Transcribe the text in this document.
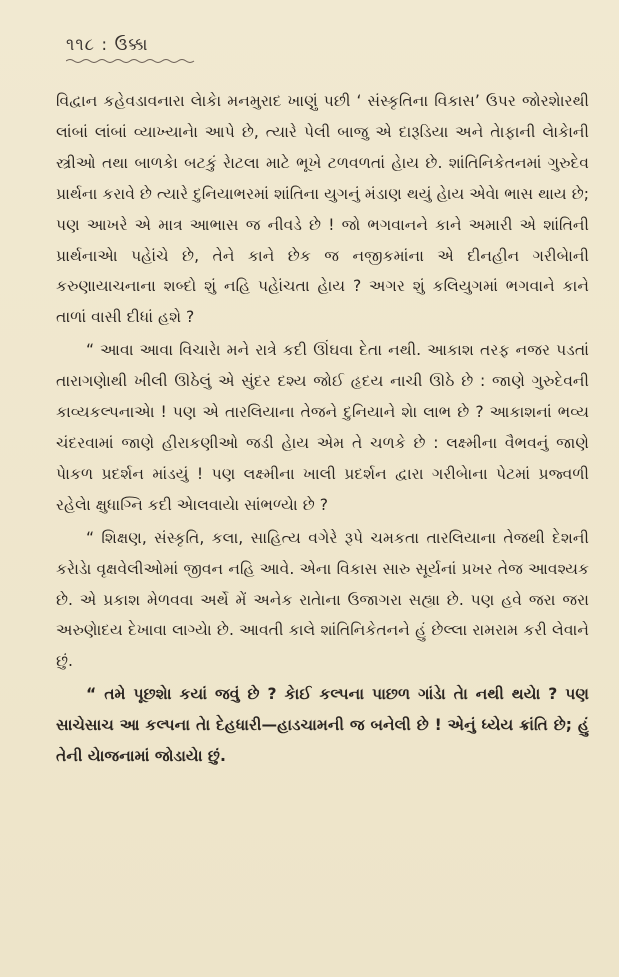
૧૧૮ : ઉક્કા

વિદ્વાન કહેવડાવનારા લેાકેા મનમુરાદ ખાણું પછી ‘ સંસ્કૃતિના વિકાસ’ ઉપર જોરશેારથી લાંબાં લાંબાં વ્યાખ્યાનેા આપે છે, ત્યારે પેલી બાજુ એ દારૂડિયા અને તેાફાની લેાકેાની સ્ત્રીઓ તથા બાળકેા બટકું રેાટલા માટે ભૂખે ટળવળતાં હેાય છે. શાંતિનિકેતનમાં ગુરુદેવ પ્રાર્થના કરાવે છે ત્યારે દુનિયાભરમાં શાંતિના યુગનું મંડાણ થયું હેાય એવેા ભાસ થાય છે; પણ આખરે એ માત્ર આભાસ જ નીવડે છે ! જો ભગવાનને કાને અમારી એ શાંતિની પ્રાર્થનાએા પહેાંચે છે, તેને કાને છેક જ નજીકમાંના એ દીનહીન ગરીબેાની કરુણાયાચનાના શબ્દો શું નહિ પહેાંચતા હેાય ? અગર શું કલિયુગમાં ભગવાને કાને તાળાં વાસી દીધાં હશે ?

“ આવા આવા વિચારેા મને રાત્રે કદી ઊંઘવા દેતા નથી. આકાશ તરફ નજર પડતાં તારાગણેાથી ખીલી ઊઠેલું એ સુંદર દશ્ય જોઈ હૃદય નાચી ઊઠે છે : જાણે ગુરુદેવની કાવ્યકલ્પનાએા ! પણ એ તારલિયાના તેજને દુનિયાને શેા લાભ છે ? આકાશનાં ભવ્ય ચંદરવામાં જાણે હીરાકણીઓ જડી હેાય એમ તે ચળકે છે : લક્ષ્મીના વૈભવનું જાણે પેાકળ પ્રદર્શન માંડયું ! પણ લક્ષ્મીના ખાલી પ્રદર્શન દ્વારા ગરીબેાના પેટમાં પ્રજ્વળી રહેલેા ક્ષુધાગ્નિ કદી એાલવાયેા સાંભળ્યેા છે ?

“ શિક્ષણ, સંસ્કૃતિ, કલા, સાહિત્ય વગેરે રૂપે ચમકતા તારલિયાના તેજથી દેશની કરેાડેા વૃક્ષવેલીઓમાં જીવન નહિ આવે. એના વિકાસ સારુ સૂર્યનાં પ્રખર તેજ આવશ્યક છે. એ પ્રકાશ મેળવવા અર્થે મેં અનેક રાતેાના ઉજાગરા સહ્યા છે. પણ હવે જરા જરા અરુણેાદય દેખાવા લાગ્યેા છે. આવતી કાલે શાંતિનિકેતનને હું છેલ્લા રામરામ કરી લેવાને છું.

“ તમે પૂછશેા કયાં જવું છે ? કેાઈ કલ્પના પાછળ ગાંડેા તેા નથી થયેા ? પણ સાચેસાચ આ કલ્પના તેા દેહધારી—હાડચામની જ બનેલી છે ! એનું ધ્યેય ક્રાંતિ છે; હું તેની યેાજનામાં જોડાયેા છું.
